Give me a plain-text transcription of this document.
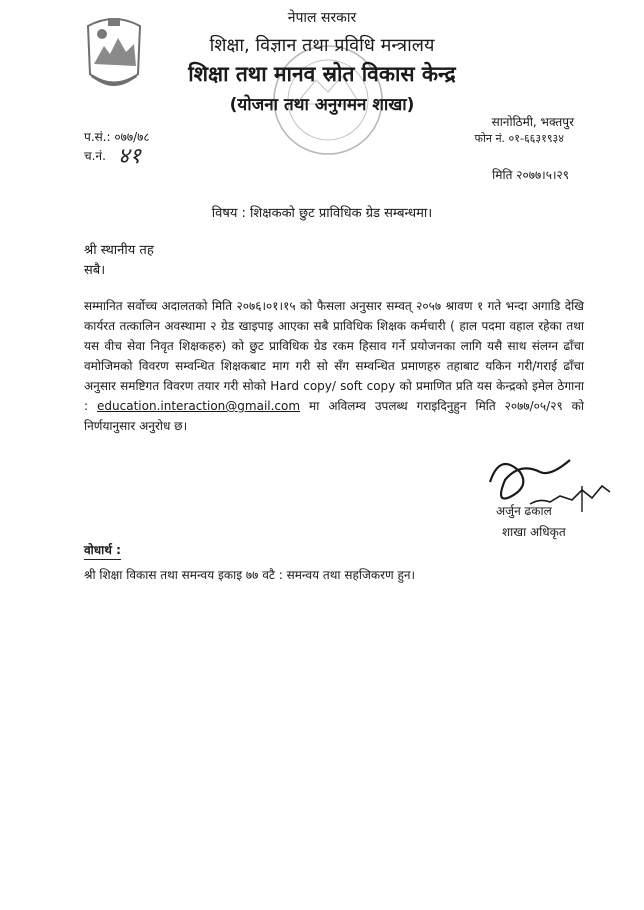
नेपाल सरकार
शिक्षा, विज्ञान तथा प्रविधि मन्त्रालय
शिक्षा तथा मानव स्रोत विकास केन्द्र
(योजना तथा अनुगमन शाखा)
सानोठिमी, भक्तपुर
फोन नं. ०१-६६३१९३४
प.सं.: ०७७/७८
च.नं. ४१
मिति २०७७।५।२९
विषय : शिक्षकको छुट प्राविधिक ग्रेड सम्बन्धमा।
श्री स्थानीय तह
सबै।
सम्मानित सर्वोच्च अदालतको मिति २०७६।०१।१५ को फैसला अनुसार सम्वत् २०५७ श्रावण १ गते भन्दा अगाडि देखि कार्यरत तत्कालिन अवस्थामा २ ग्रेड खाइपाइ आएका सबै प्राविधिक शिक्षक कर्मचारी ( हाल पदमा वहाल रहेका तथा यस वीच सेवा निवृत शिक्षकहरु) को छुट प्राविधिक ग्रेड रकम हिसाव गर्ने प्रयोजनका लागि यसै साथ संलग्न ढाँचा वमोजिमको विवरण सम्वन्धित शिक्षकबाट माग गरी सो सँग सम्वन्धित प्रमाणहरु तहाबाट यकिन गरी/गराई ढाँचा अनुसार समष्टिगत विवरण तयार गरी सोको Hard copy/ soft copy को प्रमाणित प्रति यस केन्द्रको इमेल ठेगाना : education.interaction@gmail.com मा अविलम्व उपलब्ध गराइदिनुहुन मिति २०७७/०५/२९ को निर्णयानुसार अनुरोध छ।
अर्जुन ढकाल
शाखा अधिकृत
वोधार्थ :
श्री शिक्षा विकास तथा समन्वय इकाइ ७७ वटै : समन्वय तथा सहजिकरण हुन।
